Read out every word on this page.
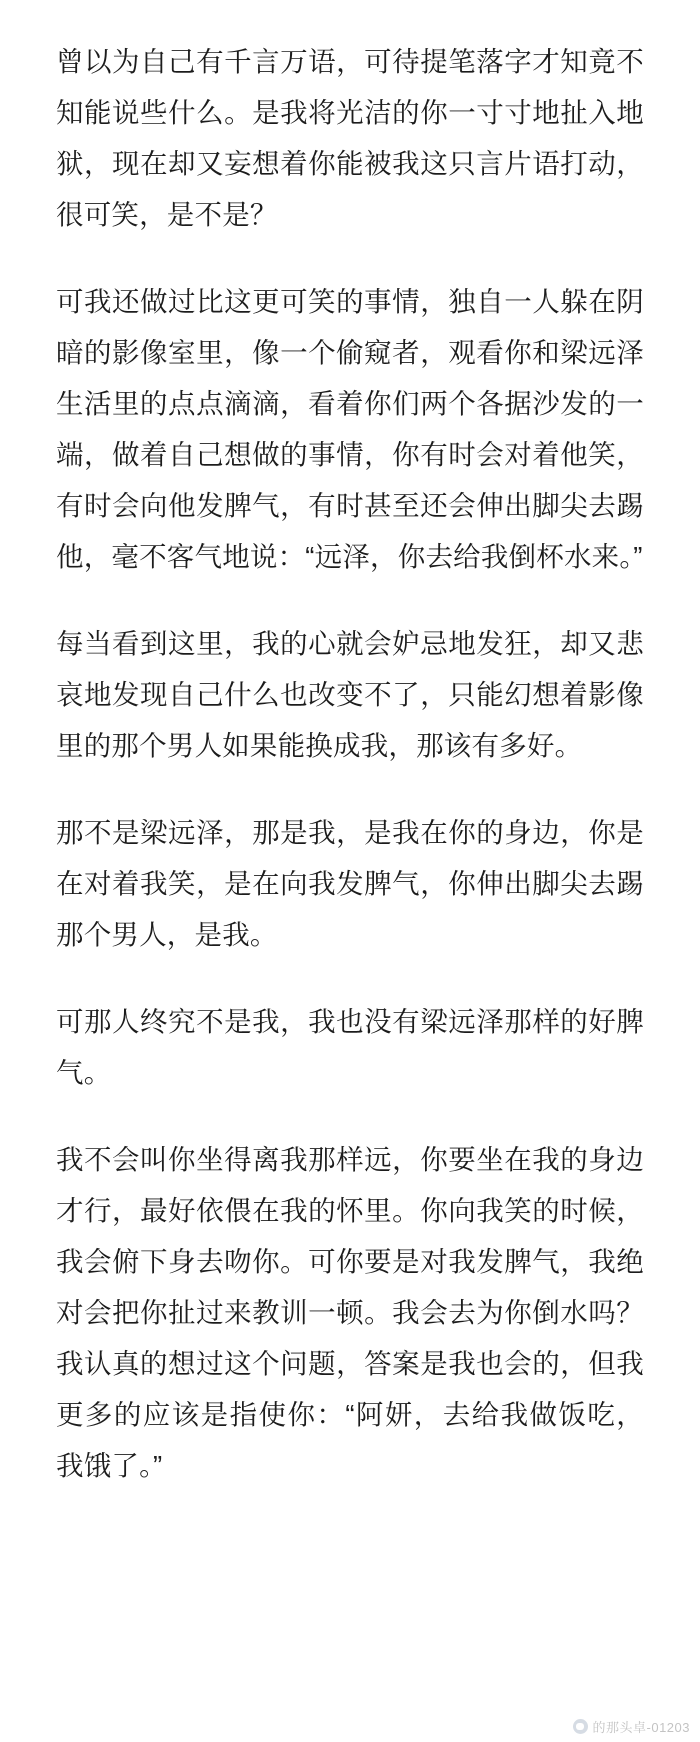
曾以为自己有千言万语，可待提笔落字才知竟不知能说些什么。是我将光洁的你一寸寸地扯入地狱，现在却又妄想着你能被我这只言片语打动，很可笑，是不是？

可我还做过比这更可笑的事情，独自一人躲在阴暗的影像室里，像一个偷窥者，观看你和梁远泽生活里的点点滴滴，看着你们两个各据沙发的一端，做着自己想做的事情，你有时会对着他笑，有时会向他发脾气，有时甚至还会伸出脚尖去踢他，毫不客气地说：“远泽，你去给我倒杯水来。”

每当看到这里，我的心就会妒忌地发狂，却又悲哀地发现自己什么也改变不了，只能幻想着影像里的那个男人如果能换成我，那该有多好。

那不是梁远泽，那是我，是我在你的身边，你是在对着我笑，是在向我发脾气，你伸出脚尖去踢那个男人，是我。

可那人终究不是我，我也没有梁远泽那样的好脾气。

我不会叫你坐得离我那样远，你要坐在我的身边才行，最好依偎在我的怀里。你向我笑的时候，我会俯下身去吻你。可你要是对我发脾气，我绝对会把你扯过来教训一顿。我会去为你倒水吗？我认真的想过这个问题，答案是我也会的，但我更多的应该是指使你：“阿妍，去给我做饭吃，我饿了。”

的那头卓-01203
